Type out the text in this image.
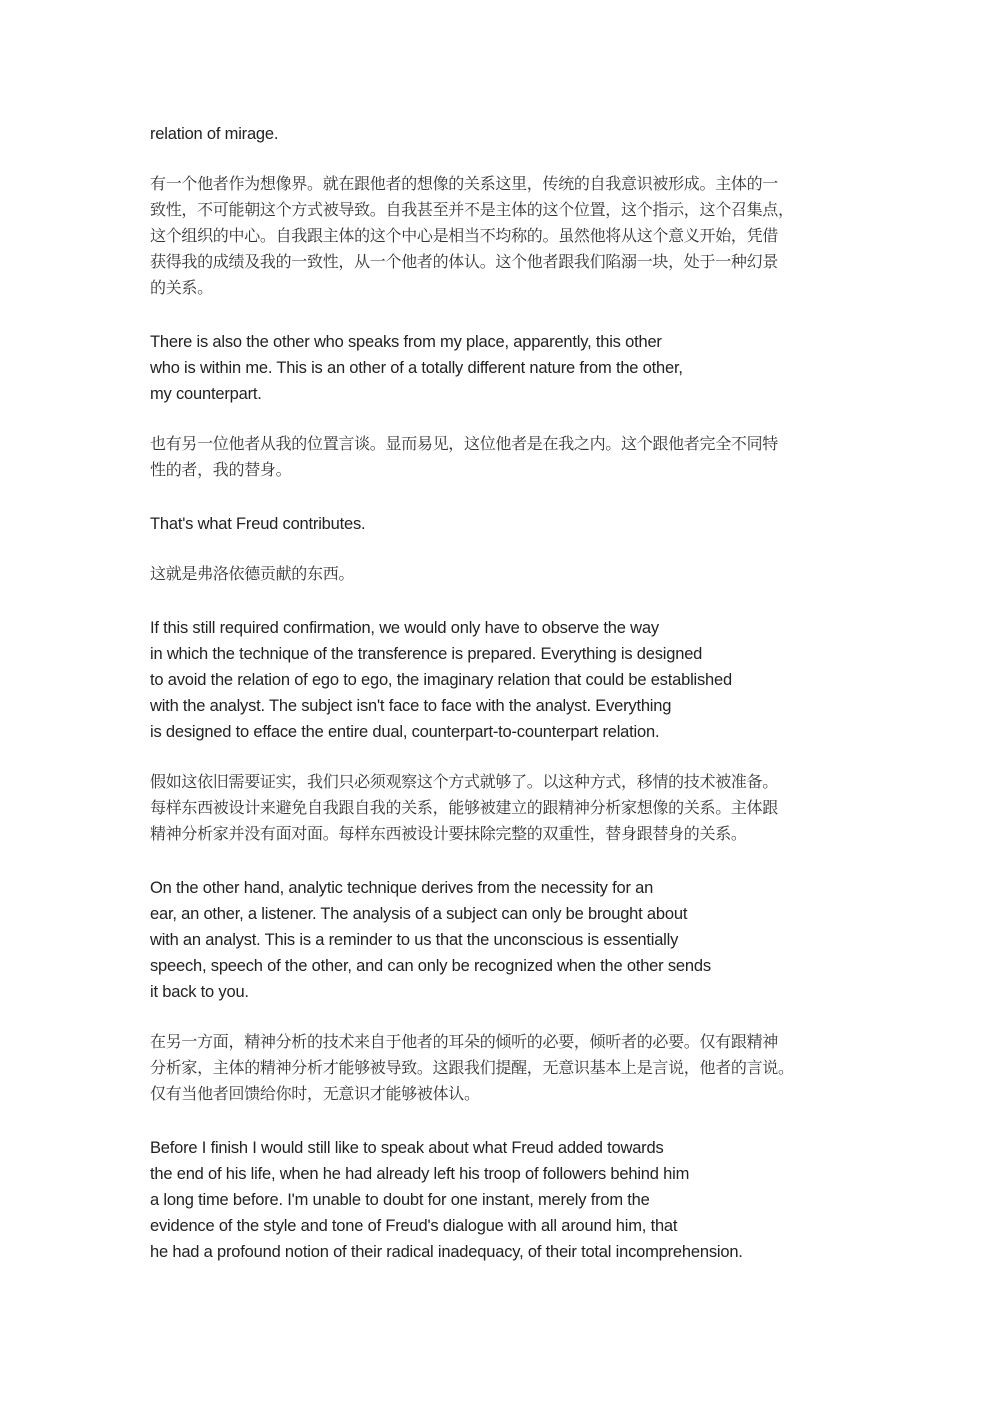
relation of mirage.

有一个他者作为想像界。就在跟他者的想像的关系这里，传统的自我意识被形成。主体的一
致性，不可能朝这个方式被导致。自我甚至并不是主体的这个位置，这个指示，这个召集点，
这个组织的中心。自我跟主体的这个中心是相当不均称的。虽然他将从这个意义开始，凭借
获得我的成绩及我的一致性，从一个他者的体认。这个他者跟我们陷溺一块，处于一种幻景
的关系。

There is also the other who speaks from my place, apparently, this other
who is within me. This is an other of a totally different nature from the other,
my counterpart.

也有另一位他者从我的位置言谈。显而易见，这位他者是在我之内。这个跟他者完全不同特
性的者，我的替身。

That's what Freud contributes.

这就是弗洛依德贡献的东西。

If this still required confirmation, we would only have to observe the way
in which the technique of the transference is prepared. Everything is designed
to avoid the relation of ego to ego, the imaginary relation that could be established
with the analyst. The subject isn't face to face with the analyst. Everything
is designed to efface the entire dual, counterpart-to-counterpart relation.

假如这依旧需要证实，我们只必须观察这个方式就够了。以这种方式，移情的技术被准备。
每样东西被设计来避免自我跟自我的关系，能够被建立的跟精神分析家想像的关系。主体跟
精神分析家并没有面对面。每样东西被设计要抹除完整的双重性，替身跟替身的关系。

On the other hand, analytic technique derives from the necessity for an
ear, an other, a listener. The analysis of a subject can only be brought about
with an analyst. This is a reminder to us that the unconscious is essentially
speech, speech of the other, and can only be recognized when the other sends
it back to you.

在另一方面，精神分析的技术来自于他者的耳朵的倾听的必要，倾听者的必要。仅有跟精神
分析家，主体的精神分析才能够被导致。这跟我们提醒，无意识基本上是言说，他者的言说。
仅有当他者回馈给你时，无意识才能够被体认。

Before I finish I would still like to speak about what Freud added towards
the end of his life, when he had already left his troop of followers behind him
a long time before. I'm unable to doubt for one instant, merely from the
evidence of the style and tone of Freud's dialogue with all around him, that
he had a profound notion of their radical inadequacy, of their total incomprehension.
